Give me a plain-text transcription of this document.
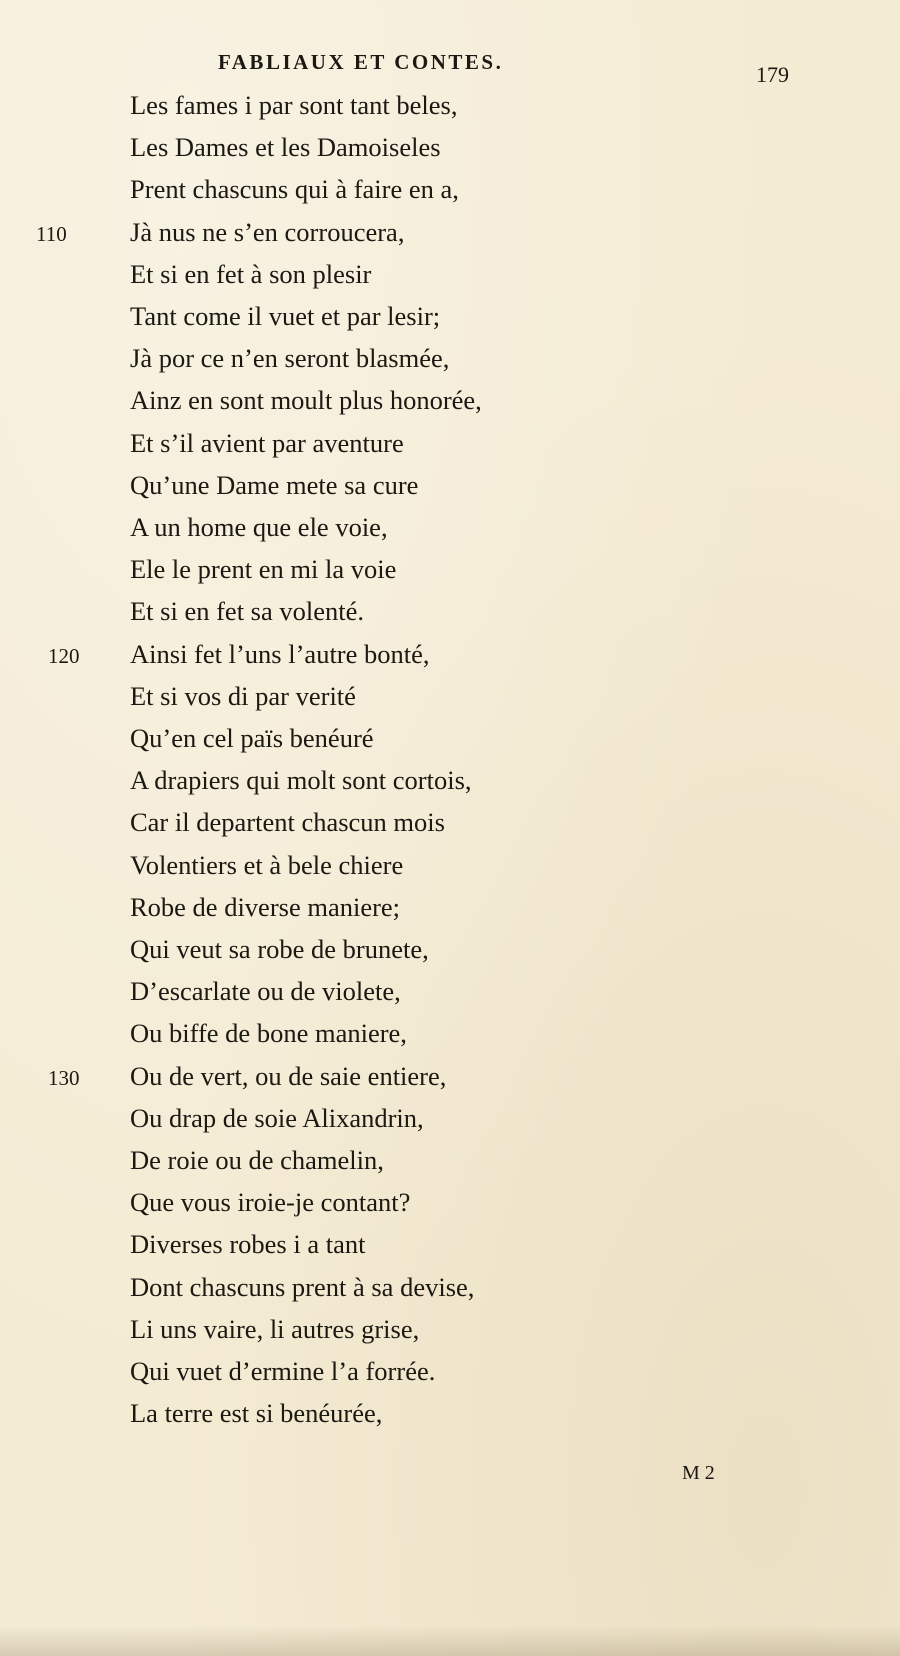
FABLIAUX ET CONTES.	179
Les fames i par sont tant beles,
Les Dames et les Damoiseles
Prent chascuns qui à faire en a,
Jà nus ne s’en corroucera,
Et si en fet à son plesir
Tant come il vuet et par lesir;
Jà por ce n’en seront blasmée,
Ainz en sont moult plus honorée,
Et s’il avient par aventure
Qu’une Dame mete sa cure
A un home que ele voie,
Ele le prent en mi la voie
Et si en fet sa volenté.
Ainsi fet l’uns l’autre bonté,
Et si vos di par verité
Qu’en cel païs benéuré
A drapiers qui molt sont cortois,
Car il departent chascun mois
Volentiers et à bele chiere
Robe de diverse maniere;
Qui veut sa robe de brunete,
D’escarlate ou de violete,
Ou biffe de bone maniere,
Ou de vert, ou de saie entiere,
Ou drap de soie Alixandrin,
De roie ou de chamelin,
Que vous iroie-je contant?
Diverses robes i a tant
Dont chascuns prent à sa devise,
Li uns vaire, li autres grise,
Qui vuet d’ermine l’a forrée.
La terre est si benéurée,
110
120
130
M 2
